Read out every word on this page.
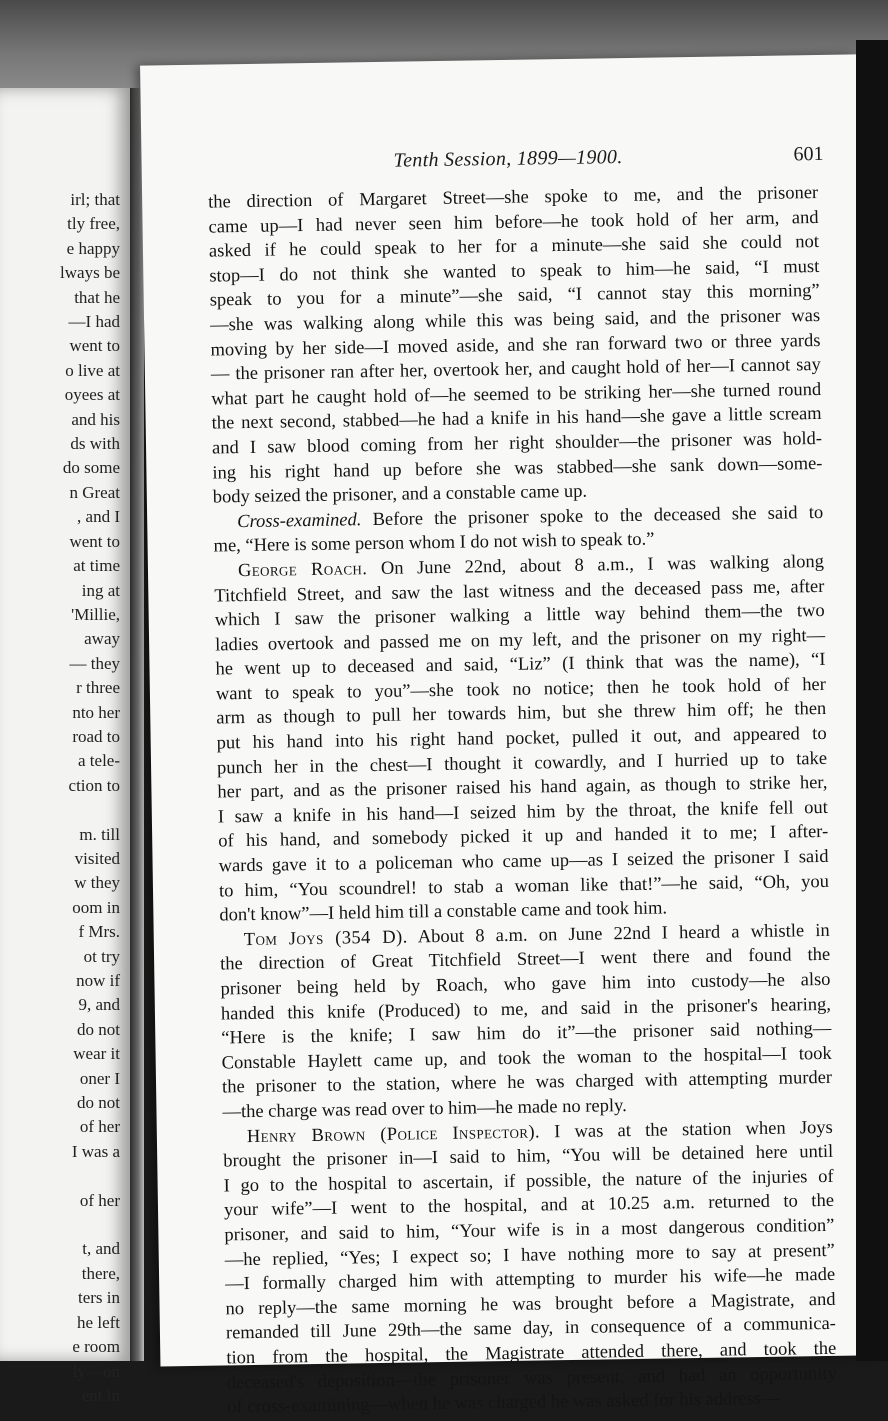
irl; that
tly free,
e happy
lways be
that he
—I had
went to
o live at
oyees at
and his
ds with
do some
n Great
, and I
went to
at time
ing at
'Millie,
away
— they
r three
nto her
road to
a tele-
ction to

m. till
visited
w they
oom in
f Mrs.
ot try
now if
9, and
do not
wear it
oner I
do not
of her
I was a

of her

t, and
there,
ters in
he left
e room
ly—on
ent in
Tenth Session, 1899—1900.	601
the direction of Margaret Street—she spoke to me, and the prisoner
came up—I had never seen him before—he took hold of her arm, and
asked if he could speak to her for a minute—she said she could not
stop—I do not think she wanted to speak to him—he said, “I must
speak to you for a minute”—she said, “I cannot stay this morning”
—she was walking along while this was being said, and the prisoner was
moving by her side—I moved aside, and she ran forward two or three yards
— the prisoner ran after her, overtook her, and caught hold of her—I cannot say
what part he caught hold of—he seemed to be striking her—she turned round
the next second, stabbed—he had a knife in his hand—she gave a little scream
and I saw blood coming from her right shoulder—the prisoner was hold-
ing his right hand up before she was stabbed—she sank down—some-
body seized the prisoner, and a constable came up.
Cross-examined. Before the prisoner spoke to the deceased she said to
me, “Here is some person whom I do not wish to speak to.”
George Roach. On June 22nd, about 8 a.m., I was walking along
Titchfield Street, and saw the last witness and the deceased pass me, after
which I saw the prisoner walking a little way behind them—the two
ladies overtook and passed me on my left, and the prisoner on my right—
he went up to deceased and said, “Liz” (I think that was the name), “I
want to speak to you”—she took no notice; then he took hold of her
arm as though to pull her towards him, but she threw him off; he then
put his hand into his right hand pocket, pulled it out, and appeared to
punch her in the chest—I thought it cowardly, and I hurried up to take
her part, and as the prisoner raised his hand again, as though to strike her,
I saw a knife in his hand—I seized him by the throat, the knife fell out
of his hand, and somebody picked it up and handed it to me; I after-
wards gave it to a policeman who came up—as I seized the prisoner I said
to him, “You scoundrel! to stab a woman like that!”—he said, “Oh, you
don't know”—I held him till a constable came and took him.
Tom Joys (354 D). About 8 a.m. on June 22nd I heard a whistle in
the direction of Great Titchfield Street—I went there and found the
prisoner being held by Roach, who gave him into custody—he also
handed this knife (Produced) to me, and said in the prisoner's hearing,
“Here is the knife; I saw him do it”—the prisoner said nothing—
Constable Haylett came up, and took the woman to the hospital—I took
the prisoner to the station, where he was charged with attempting murder
—the charge was read over to him—he made no reply.
Henry Brown (Police Inspector). I was at the station when Joys
brought the prisoner in—I said to him, “You will be detained here until
I go to the hospital to ascertain, if possible, the nature of the injuries of
your wife”—I went to the hospital, and at 10.25 a.m. returned to the
prisoner, and said to him, “Your wife is in a most dangerous condition”
—he replied, “Yes; I expect so; I have nothing more to say at present”
—I formally charged him with attempting to murder his wife—he made
no reply—the same morning he was brought before a Magistrate, and
remanded till June 29th—the same day, in consequence of a communica-
tion from the hospital, the Magistrate attended there, and took the
deceased's deposition—the prisoner was present, and had an opportunity
of cross-examining—when he was charged he was asked for his address—
